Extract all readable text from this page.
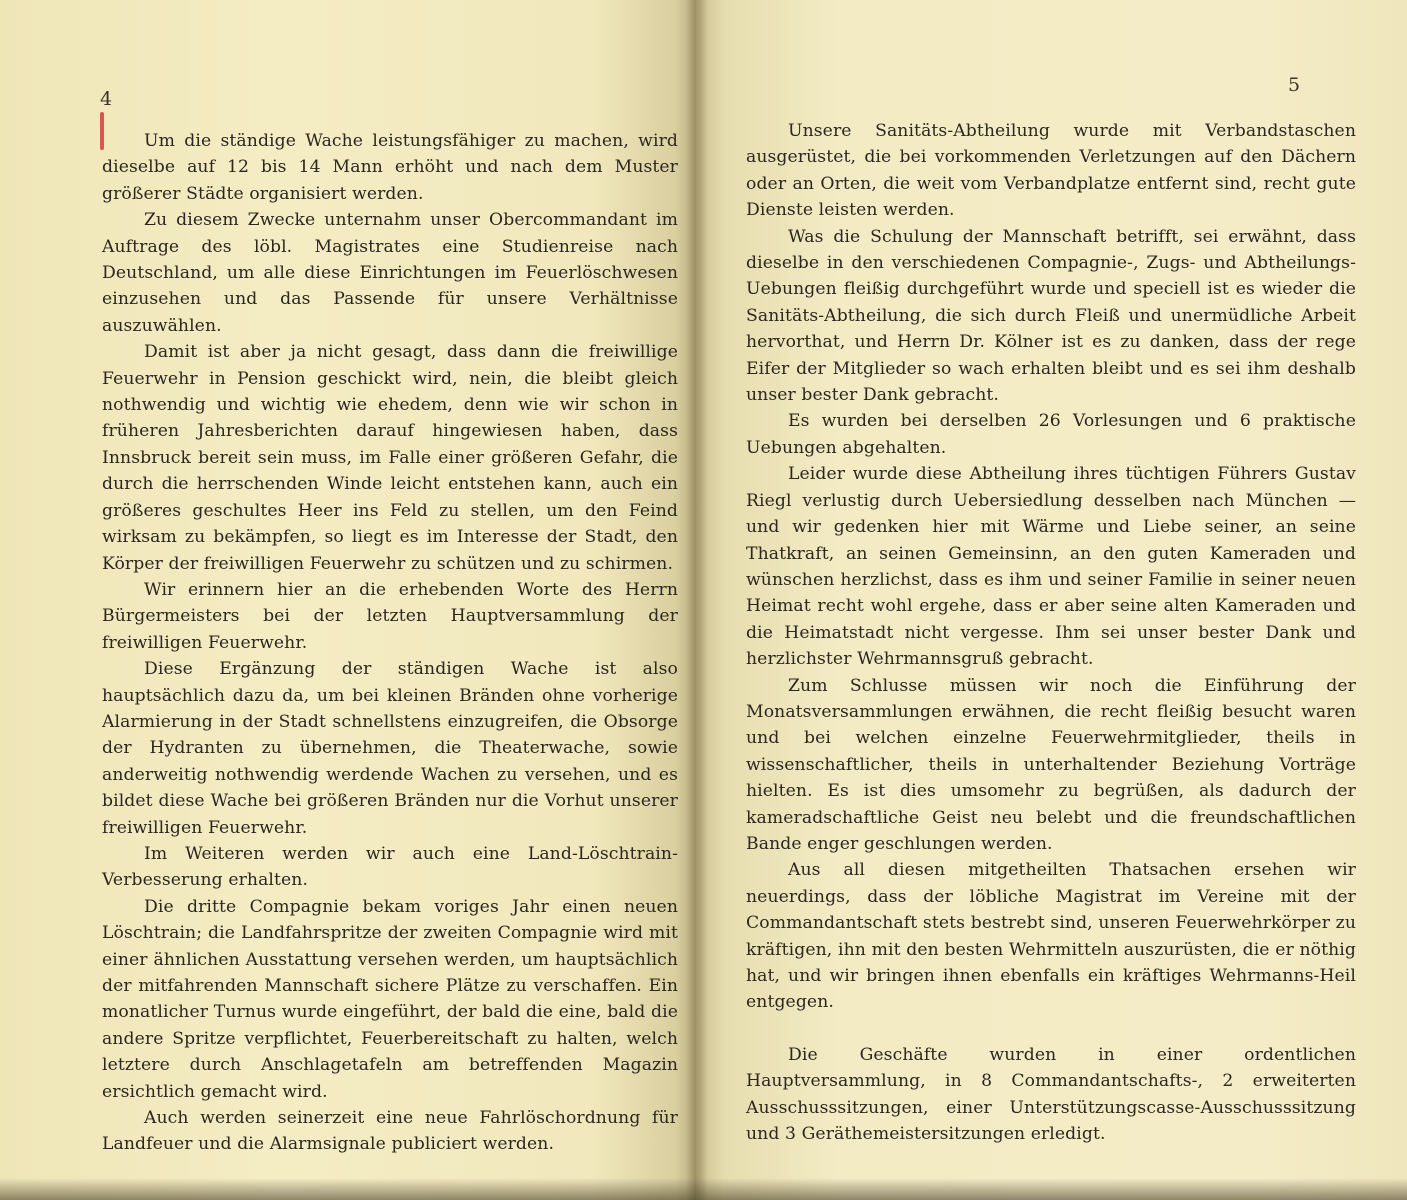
4

Um die ständige Wache leistungsfähiger zu machen, wird dieselbe auf 12 bis 14 Mann erhöht und nach dem Muster größerer Städte organisiert werden.

Zu diesem Zwecke unternahm unser Obercommandant im Auftrage des löbl. Magistrates eine Studienreise nach Deutschland, um alle diese Einrichtungen im Feuerlöschwesen einzusehen und das Passende für unsere Verhältnisse auszuwählen.

Damit ist aber ja nicht gesagt, dass dann die freiwillige Feuerwehr in Pension geschickt wird, nein, die bleibt gleich nothwendig und wichtig wie ehedem, denn wie wir schon in früheren Jahresberichten darauf hingewiesen haben, dass Innsbruck bereit sein muss, im Falle einer größeren Gefahr, die durch die herrschenden Winde leicht entstehen kann, auch ein größeres geschultes Heer ins Feld zu stellen, um den Feind wirksam zu bekämpfen, so liegt es im Interesse der Stadt, den Körper der freiwilligen Feuerwehr zu schützen und zu schirmen.

Wir erinnern hier an die erhebenden Worte des Herrn Bürgermeisters bei der letzten Hauptversammlung der freiwilligen Feuerwehr.

Diese Ergänzung der ständigen Wache ist also hauptsächlich dazu da, um bei kleinen Bränden ohne vorherige Alarmierung in der Stadt schnellstens einzugreifen, die Obsorge der Hydranten zu übernehmen, die Theaterwache, sowie anderweitig nothwendig werdende Wachen zu versehen, und es bildet diese Wache bei größeren Bränden nur die Vorhut unserer freiwilligen Feuerwehr.

Im Weiteren werden wir auch eine Land-Löschtrain-Verbesserung erhalten.

Die dritte Compagnie bekam voriges Jahr einen neuen Löschtrain; die Landfahrspritze der zweiten Compagnie wird mit einer ähnlichen Ausstattung versehen werden, um hauptsächlich der mitfahrenden Mannschaft sichere Plätze zu verschaffen. Ein monatlicher Turnus wurde eingeführt, der bald die eine, bald die andere Spritze verpflichtet, Feuerbereitschaft zu halten, welch letztere durch Anschlagetafeln am betreffenden Magazin ersichtlich gemacht wird.

Auch werden seinerzeit eine neue Fahrlöschordnung für Landfeuer und die Alarmsignale publiciert werden.

5

Unsere Sanitäts-Abtheilung wurde mit Verbandstaschen ausgerüstet, die bei vorkommenden Verletzungen auf den Dächern oder an Orten, die weit vom Verbandplatze entfernt sind, recht gute Dienste leisten werden.

Was die Schulung der Mannschaft betrifft, sei erwähnt, dass dieselbe in den verschiedenen Compagnie-, Zugs- und Abtheilungs-Uebungen fleißig durchgeführt wurde und speciell ist es wieder die Sanitäts-Abtheilung, die sich durch Fleiß und unermüdliche Arbeit hervorthat, und Herrn Dr. Kölner ist es zu danken, dass der rege Eifer der Mitglieder so wach erhalten bleibt und es sei ihm deshalb unser bester Dank gebracht.

Es wurden bei derselben 26 Vorlesungen und 6 praktische Uebungen abgehalten.

Leider wurde diese Abtheilung ihres tüchtigen Führers Gustav Riegl verlustig durch Uebersiedlung desselben nach München — und wir gedenken hier mit Wärme und Liebe seiner, an seine Thatkraft, an seinen Gemeinsinn, an den guten Kameraden und wünschen herzlichst, dass es ihm und seiner Familie in seiner neuen Heimat recht wohl ergehe, dass er aber seine alten Kameraden und die Heimatstadt nicht vergesse. Ihm sei unser bester Dank und herzlichster Wehrmannsgruß gebracht.

Zum Schlusse müssen wir noch die Einführung der Monatsversammlungen erwähnen, die recht fleißig besucht waren und bei welchen einzelne Feuerwehrmitglieder, theils in wissenschaftlicher, theils in unterhaltender Beziehung Vorträge hielten. Es ist dies umsomehr zu begrüßen, als dadurch der kameradschaftliche Geist neu belebt und die freundschaftlichen Bande enger geschlungen werden.

Aus all diesen mitgetheilten Thatsachen ersehen wir neuerdings, dass der löbliche Magistrat im Vereine mit der Commandantschaft stets bestrebt sind, unseren Feuerwehrkörper zu kräftigen, ihn mit den besten Wehrmitteln auszurüsten, die er nöthig hat, und wir bringen ihnen ebenfalls ein kräftiges Wehrmanns-Heil entgegen.

Die Geschäfte wurden in einer ordentlichen Hauptversammlung, in 8 Commandantschafts-, 2 erweiterten Ausschusssitzungen, einer Unterstützungscasse-Ausschusssitzung und 3 Geräthemeistersitzungen erledigt.
